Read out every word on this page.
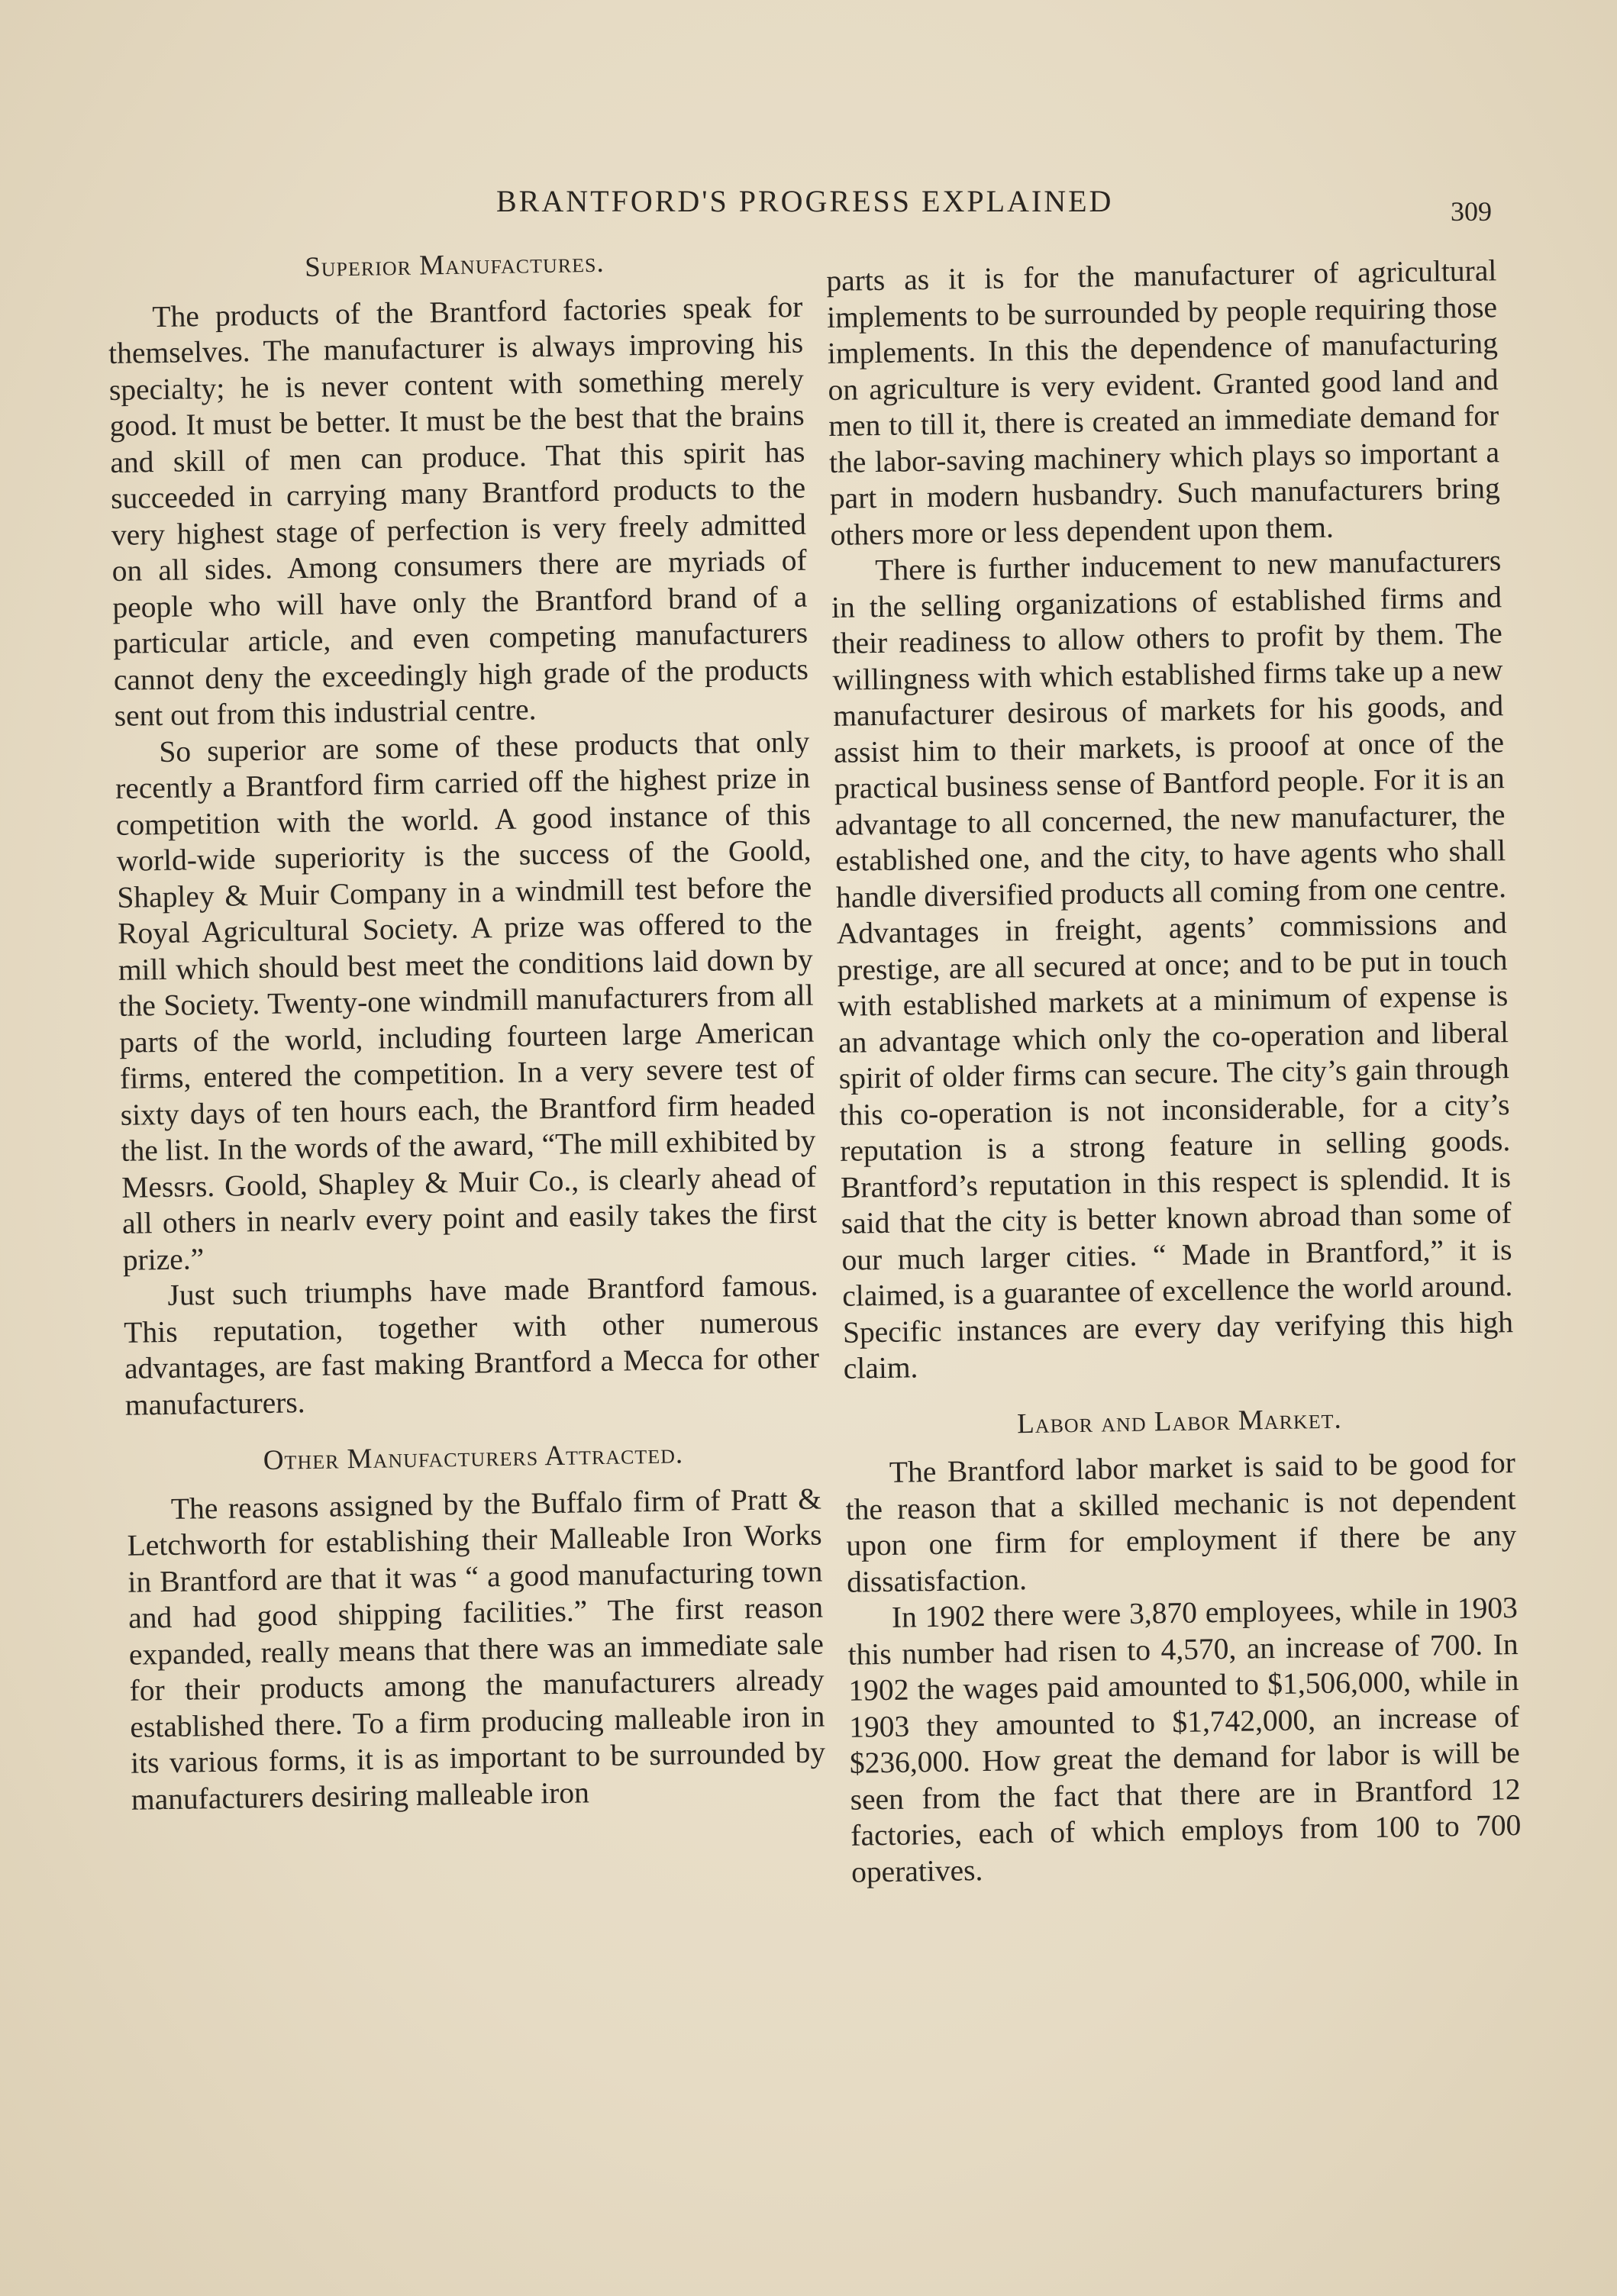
BRANTFORD'S PROGRESS EXPLAINED	309
Superior Manufactures.

The products of the Brantford factories speak for themselves. The manufacturer is always improving his specialty; he is never content with something merely good. It must be better. It must be the best that the brains and skill of men can produce. That this spirit has succeeded in carrying many Brantford products to the very highest stage of perfection is very freely admitted on all sides. Among consumers there are myriads of people who will have only the Brantford brand of a particular article, and even competing manufacturers cannot deny the exceedingly high grade of the products sent out from this industrial centre.

So superior are some of these products that only recently a Brantford firm carried off the highest prize in competition with the world. A good instance of this world-wide superiority is the success of the Goold, Shapley & Muir Company in a windmill test before the Royal Agricultural Society. A prize was offered to the mill which should best meet the conditions laid down by the Society. Twenty-one windmill manufacturers from all parts of the world, including fourteen large American firms, entered the competition. In a very severe test of sixty days of ten hours each, the Brantford firm headed the list. In the words of the award, “The mill exhibited by Messrs. Goold, Shapley & Muir Co., is clearly ahead of all others in nearlv every point and easily takes the first prize.”

Just such triumphs have made Brantford famous. This reputation, together with other numerous advantages, are fast making Brantford a Mecca for other manufacturers.

Other Manufacturers Attracted.

The reasons assigned by the Buffalo firm of Pratt & Letchworth for establishing their Malleable Iron Works in Brantford are that it was “ a good manufacturing town and had good shipping facilities.” The first reason expanded, really means that there was an immediate sale for their products among the manufacturers already established there. To a firm producing malleable iron in its various forms, it is as important to be surrounded by manufacturers desiring malleable iron

parts as it is for the manufacturer of agricultural implements to be surrounded by people requiring those implements. In this the dependence of manufacturing on agriculture is very evident. Granted good land and men to till it, there is created an immediate demand for the labor-saving machinery which plays so important a part in modern husbandry. Such manufacturers bring others more or less dependent upon them.

There is further inducement to new manufacturers in the selling organizations of established firms and their readiness to allow others to profit by them. The willingness with which established firms take up a new manufacturer desirous of markets for his goods, and assist him to their markets, is prooof at once of the practical business sense of Bantford people. For it is an advantage to all concerned, the new manufacturer, the established one, and the city, to have agents who shall handle diversified products all coming from one centre. Advantages in freight, agents’ commissions and prestige, are all secured at once; and to be put in touch with established markets at a minimum of expense is an advantage which only the co-operation and liberal spirit of older firms can secure. The city’s gain through this co-operation is not inconsiderable, for a city’s reputation is a strong feature in selling goods. Brantford’s reputation in this respect is splendid. It is said that the city is better known abroad than some of our much larger cities. “ Made in Brantford,” it is claimed, is a guarantee of excellence the world around. Specific instances are every day verifying this high claim.

Labor and Labor Market.

The Brantford labor market is said to be good for the reason that a skilled mechanic is not dependent upon one firm for employment if there be any dissatisfaction.

In 1902 there were 3,870 employees, while in 1903 this number had risen to 4,570, an increase of 700. In 1902 the wages paid amounted to $1,506,000, while in 1903 they amounted to $1,742,000, an increase of $236,000. How great the demand for labor is will be seen from the fact that there are in Brantford 12 factories, each of which employs from 100 to 700 operatives.
